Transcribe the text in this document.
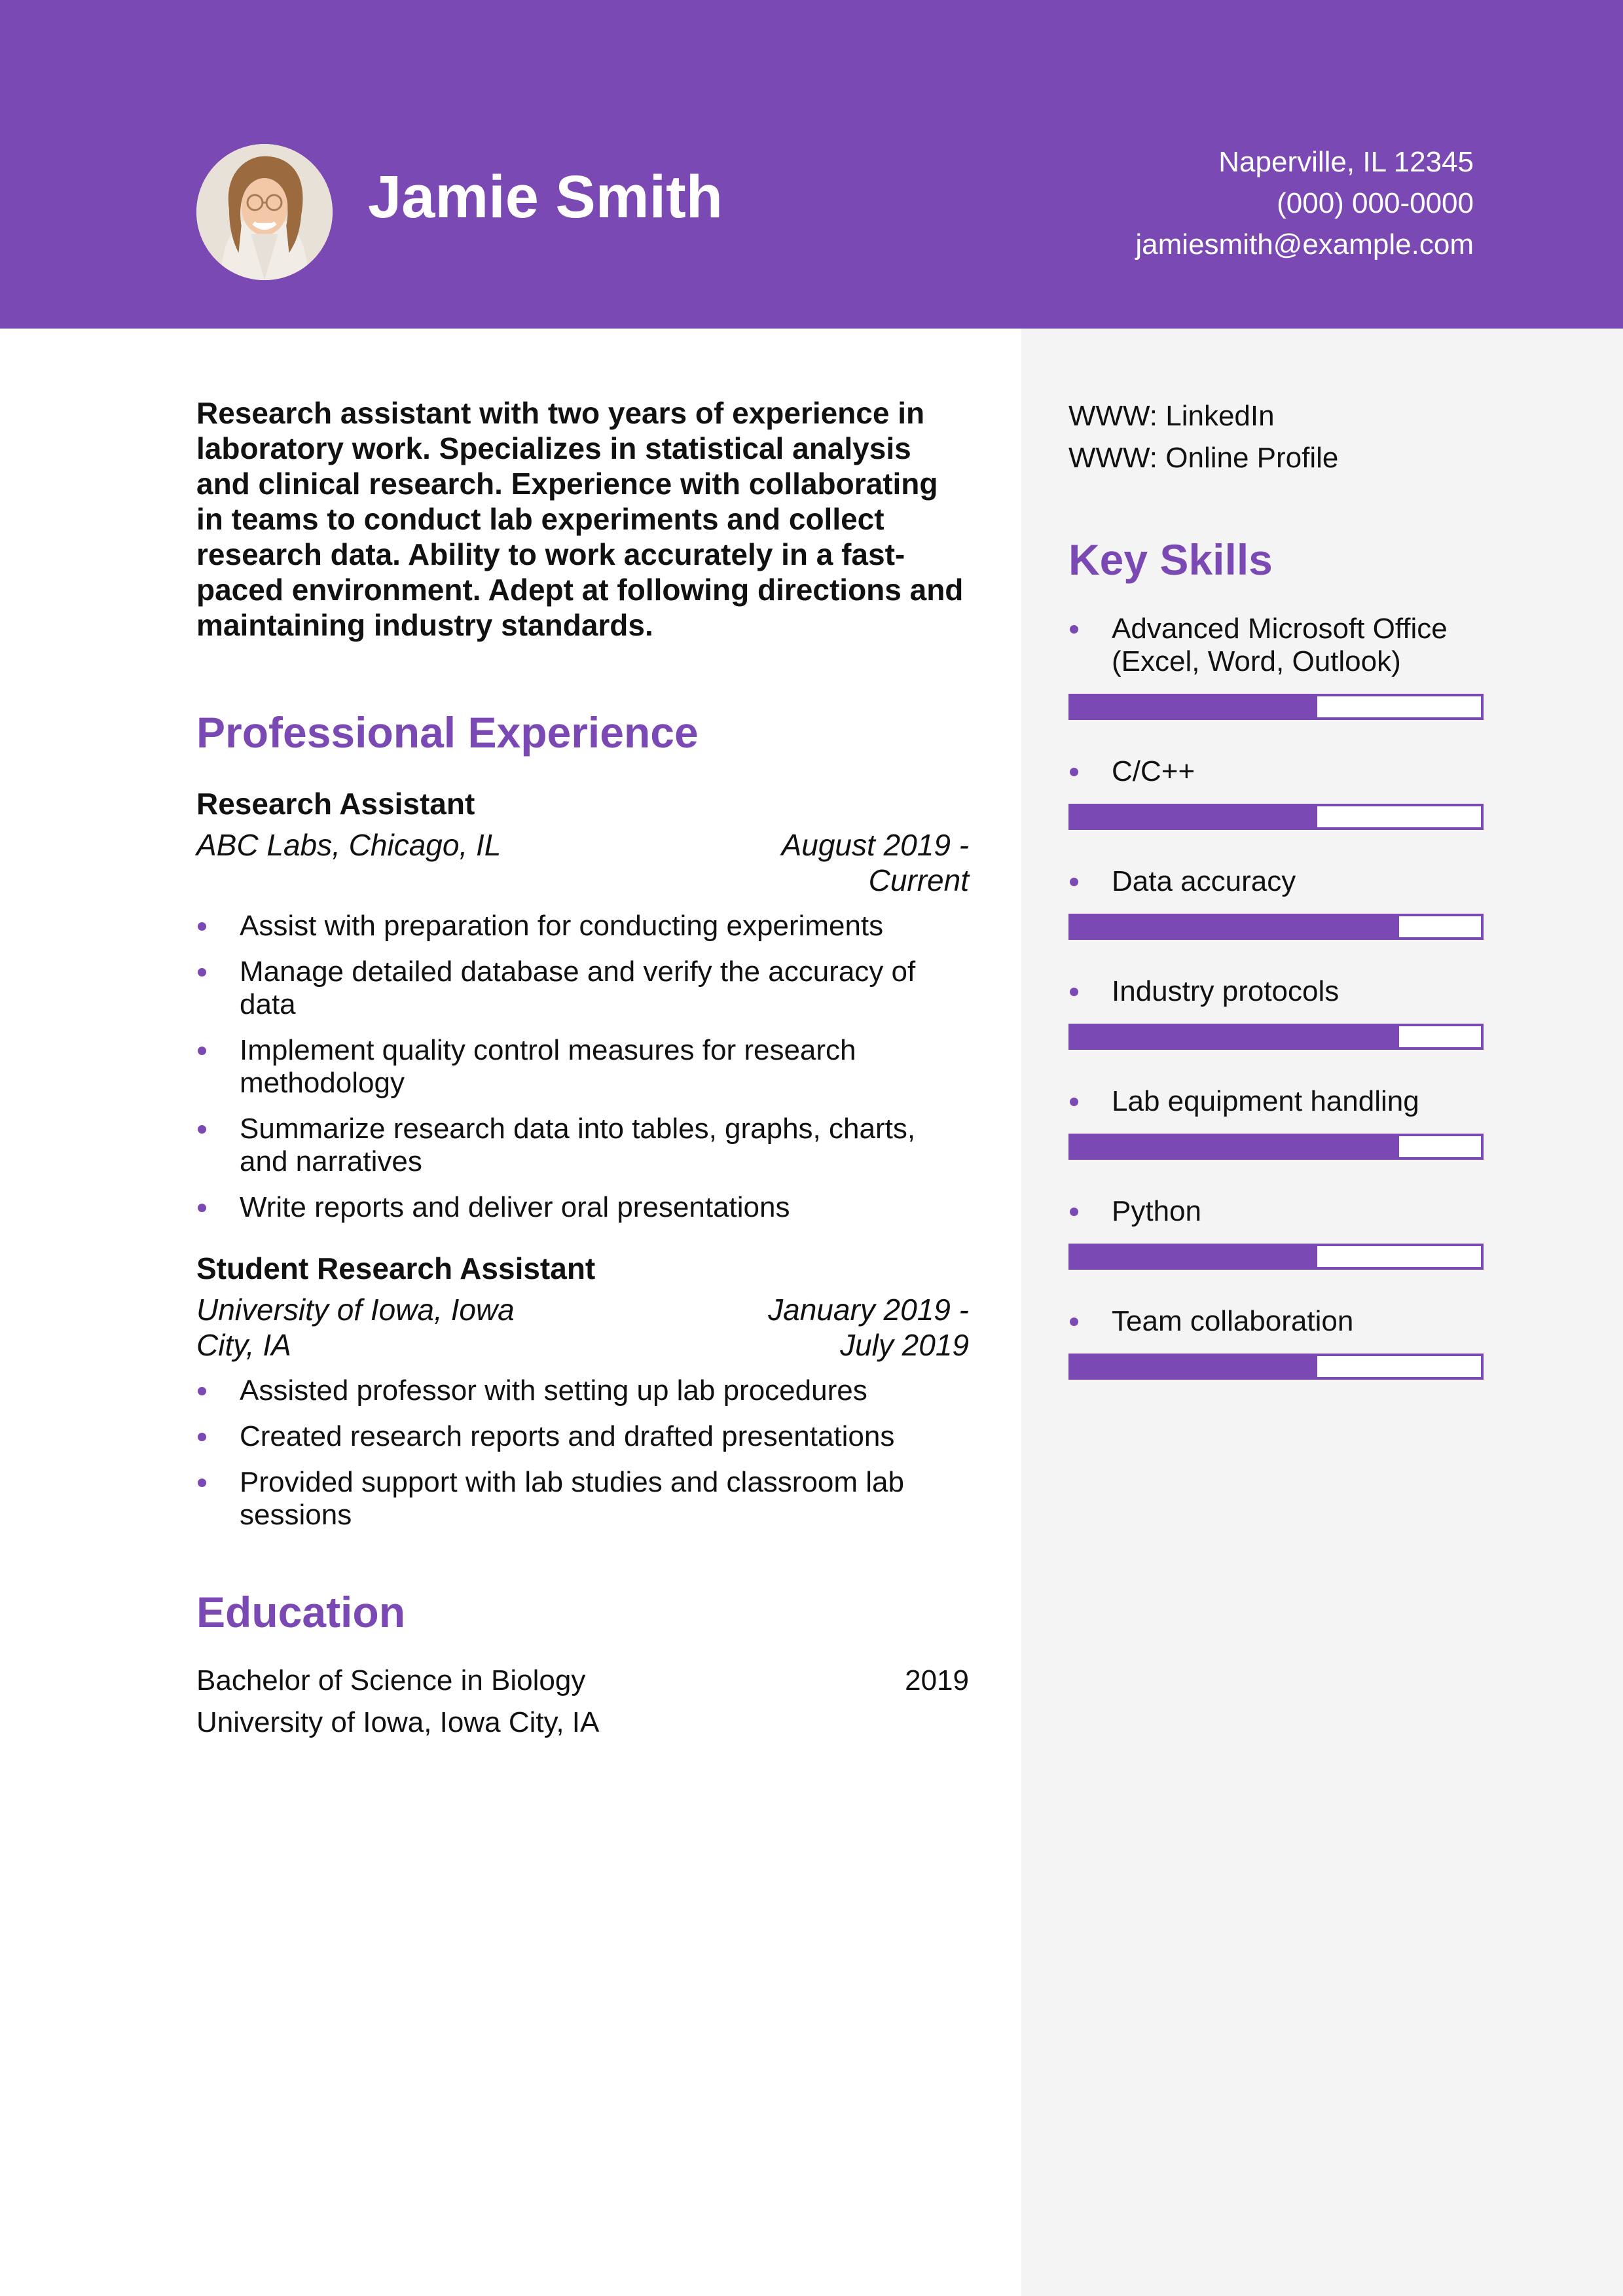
Jamie Smith
Naperville, IL 12345
(000) 000-0000
jamiesmith@example.com

Research assistant with two years of experience in laboratory work. Specializes in statistical analysis and clinical research. Experience with collaborating in teams to conduct lab experiments and collect research data. Ability to work accurately in a fast-paced environment. Adept at following directions and maintaining industry standards.

Professional Experience
Research Assistant
ABC Labs, Chicago, IL	August 2019 -
Current
Assist with preparation for conducting experiments
Manage detailed database and verify the accuracy of data
Implement quality control measures for research methodology
Summarize research data into tables, graphs, charts, and narratives
Write reports and deliver oral presentations
Student Research Assistant
University of Iowa, Iowa
City, IA
January 2019 -
July 2019
Assisted professor with setting up lab procedures
Created research reports and drafted presentations
Provided support with lab studies and classroom lab sessions
Education
Bachelor of Science in Biology	2019
University of Iowa, Iowa City, IA
WWW: LinkedIn
WWW: Online Profile
Key Skills
Advanced Microsoft Office
(Excel, Word, Outlook)
C/C++
Data accuracy
Industry protocols
Lab equipment handling
Python
Team collaboration
